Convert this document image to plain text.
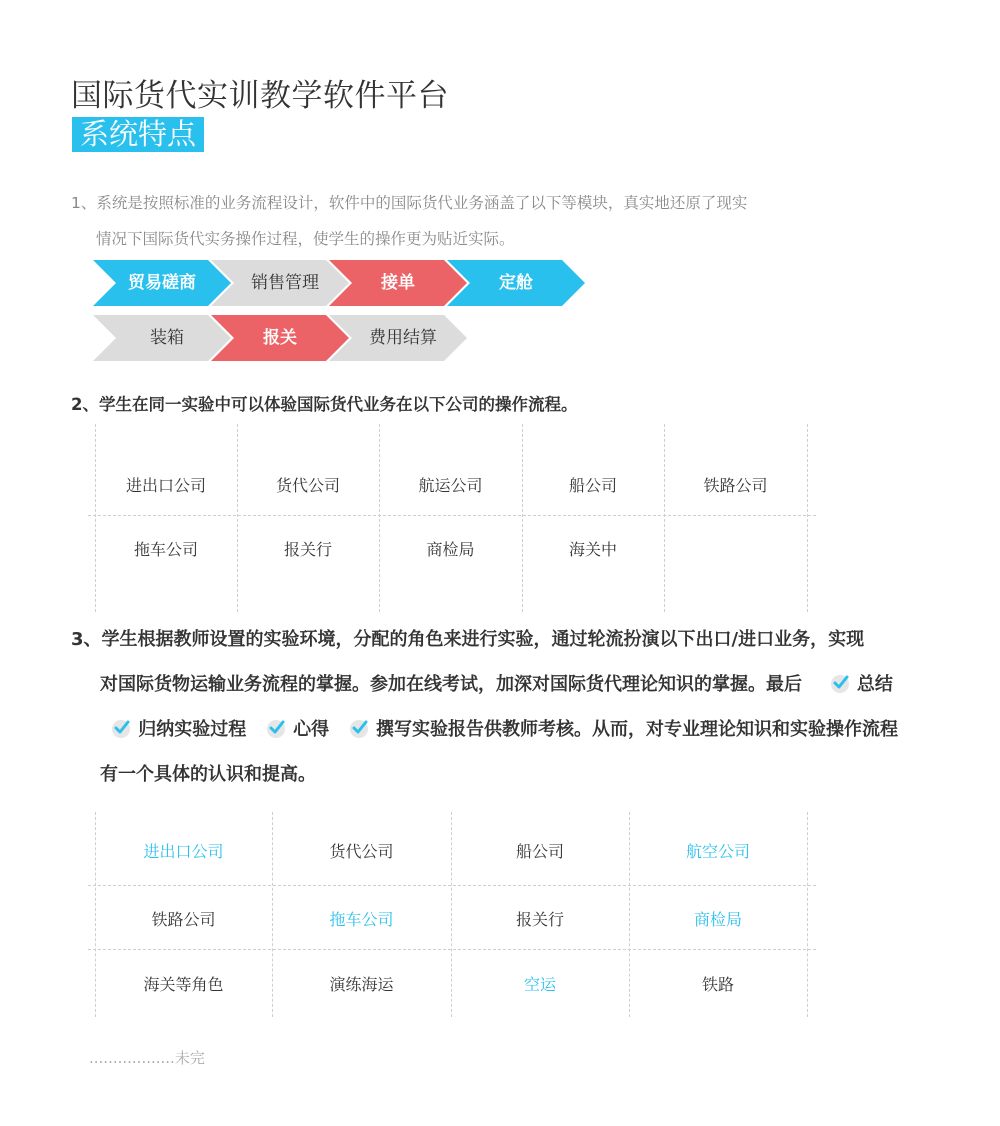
国际货代实训教学软件平台
系统特点
1、系统是按照标准的业务流程设计，软件中的国际货代业务涵盖了以下等模块，真实地还原了现实
情况下国际货代实务操作过程，使学生的操作更为贴近实际。
贸易磋商	销售管理	接单	定舱
装箱	报关	费用结算
2、学生在同一实验中可以体验国际货代业务在以下公司的操作流程。
进出口公司	货代公司	航运公司	船公司	铁路公司
拖车公司	报关行	商检局	海关中
3、学生根据教师设置的实验环境，分配的角色来进行实验，通过轮流扮演以下出口/进口业务，实现
对国际货物运输业务流程的掌握。参加在线考试，加深对国际货代理论知识的掌握。最后	总结
归纳实验过程	心得	撰写实验报告供教师考核。从而，对专业理论知识和实验操作流程
有一个具体的认识和提高。
进出口公司	货代公司	船公司	航空公司
铁路公司	拖车公司	报关行	商检局
海关等角色	演练海运	空运	铁路
..................未完
